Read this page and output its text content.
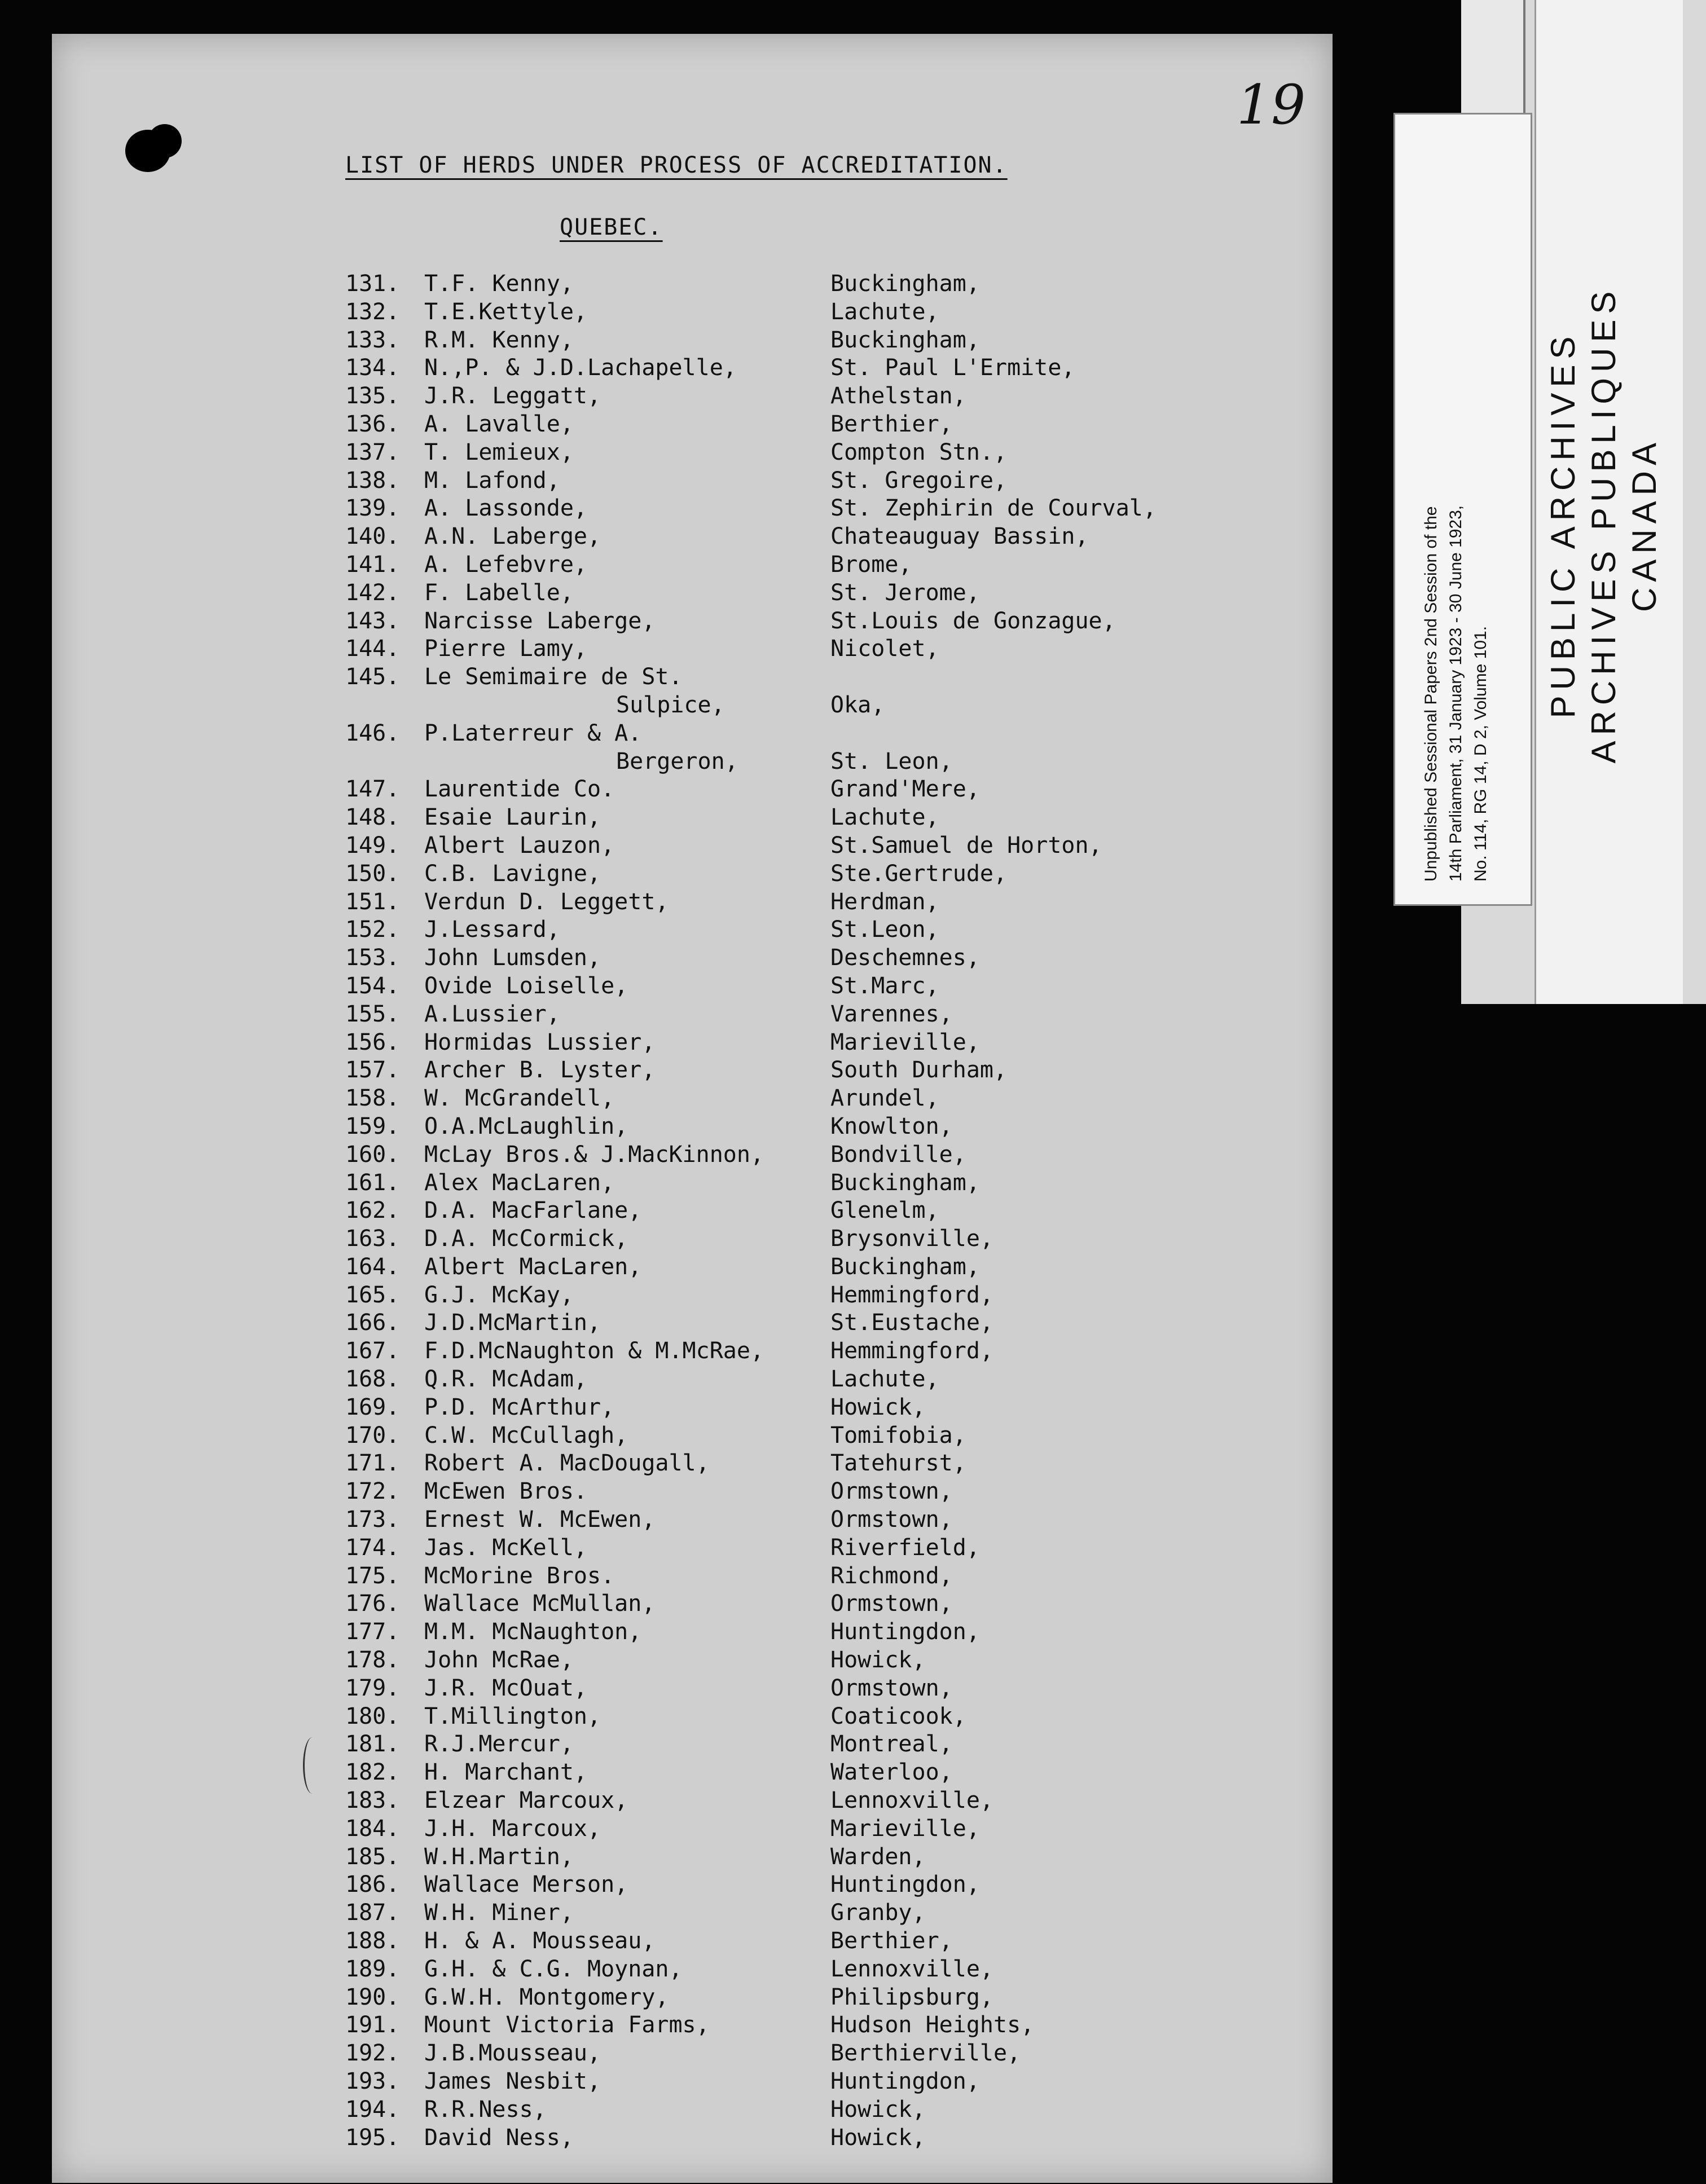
Unpublished Sessional Papers 2nd Session of the 14th Parliament, 31 January 1923 - 30 June 1923, No. 114, RG 14, D 2, Volume 101.
PUBLIC ARCHIVES ARCHIVES PUBLIQUES CANADA
19
LIST OF HERDS UNDER PROCESS OF ACCREDITATION.
QUEBEC.
131. T.F. Kenny,	Buckingham,
132. T.E.Kettyle,	Lachute,
133. R.M. Kenny,	Buckingham,
134. N.,P. & J.D.Lachapelle,	St. Paul L'Ermite,
135. J.R. Leggatt,	Athelstan,
136. A. Lavalle,	Berthier,
137. T. Lemieux,	Compton Stn.,
138. M. Lafond,	St. Gregoire,
139. A. Lassonde,	St. Zephirin de Courval,
140. A.N. Laberge,	Chateauguay Bassin,
141. A. Lefebvre,	Brome,
142. F. Labelle,	St. Jerome,
143. Narcisse Laberge,	St.Louis de Gonzague,
144. Pierre Lamy,	Nicolet,
145. Le Semimaire de St.
Sulpice,	Oka,
146. P.Laterreur & A.
Bergeron,	St. Leon,
147. Laurentide Co.	Grand'Mere,
148. Esaie Laurin,	Lachute,
149. Albert Lauzon,	St.Samuel de Horton,
150. C.B. Lavigne,	Ste.Gertrude,
151. Verdun D. Leggett,	Herdman,
152. J.Lessard,	St.Leon,
153. John Lumsden,	Deschemnes,
154. Ovide Loiselle,	St.Marc,
155. A.Lussier,	Varennes,
156. Hormidas Lussier,	Marieville,
157. Archer B. Lyster,	South Durham,
158. W. McGrandell,	Arundel,
159. O.A.McLaughlin,	Knowlton,
160. McLay Bros.& J.MacKinnon,	Bondville,
161. Alex MacLaren,	Buckingham,
162. D.A. MacFarlane,	Glenelm,
163. D.A. McCormick,	Brysonville,
164. Albert MacLaren,	Buckingham,
165. G.J. McKay,	Hemmingford,
166. J.D.McMartin,	St.Eustache,
167. F.D.McNaughton & M.McRae,	Hemmingford,
168. Q.R. McAdam,	Lachute,
169. P.D. McArthur,	Howick,
170. C.W. McCullagh,	Tomifobia,
171. Robert A. MacDougall,	Tatehurst,
172. McEwen Bros.	Ormstown,
173. Ernest W. McEwen,	Ormstown,
174. Jas. McKell,	Riverfield,
175. McMorine Bros.	Richmond,
176. Wallace McMullan,	Ormstown,
177. M.M. McNaughton,	Huntingdon,
178. John McRae,	Howick,
179. J.R. McOuat,	Ormstown,
180. T.Millington,	Coaticook,
181. R.J.Mercur,	Montreal,
182. H. Marchant,	Waterloo,
183. Elzear Marcoux,	Lennoxville,
184. J.H. Marcoux,	Marieville,
185. W.H.Martin,	Warden,
186. Wallace Merson,	Huntingdon,
187. W.H. Miner,	Granby,
188. H. & A. Mousseau,	Berthier,
189. G.H. & C.G. Moynan,	Lennoxville,
190. G.W.H. Montgomery,	Philipsburg,
191. Mount Victoria Farms,	Hudson Heights,
192. J.B.Mousseau,	Berthierville,
193. James Nesbit,	Huntingdon,
194. R.R.Ness,	Howick,
195. David Ness,	Howick,
